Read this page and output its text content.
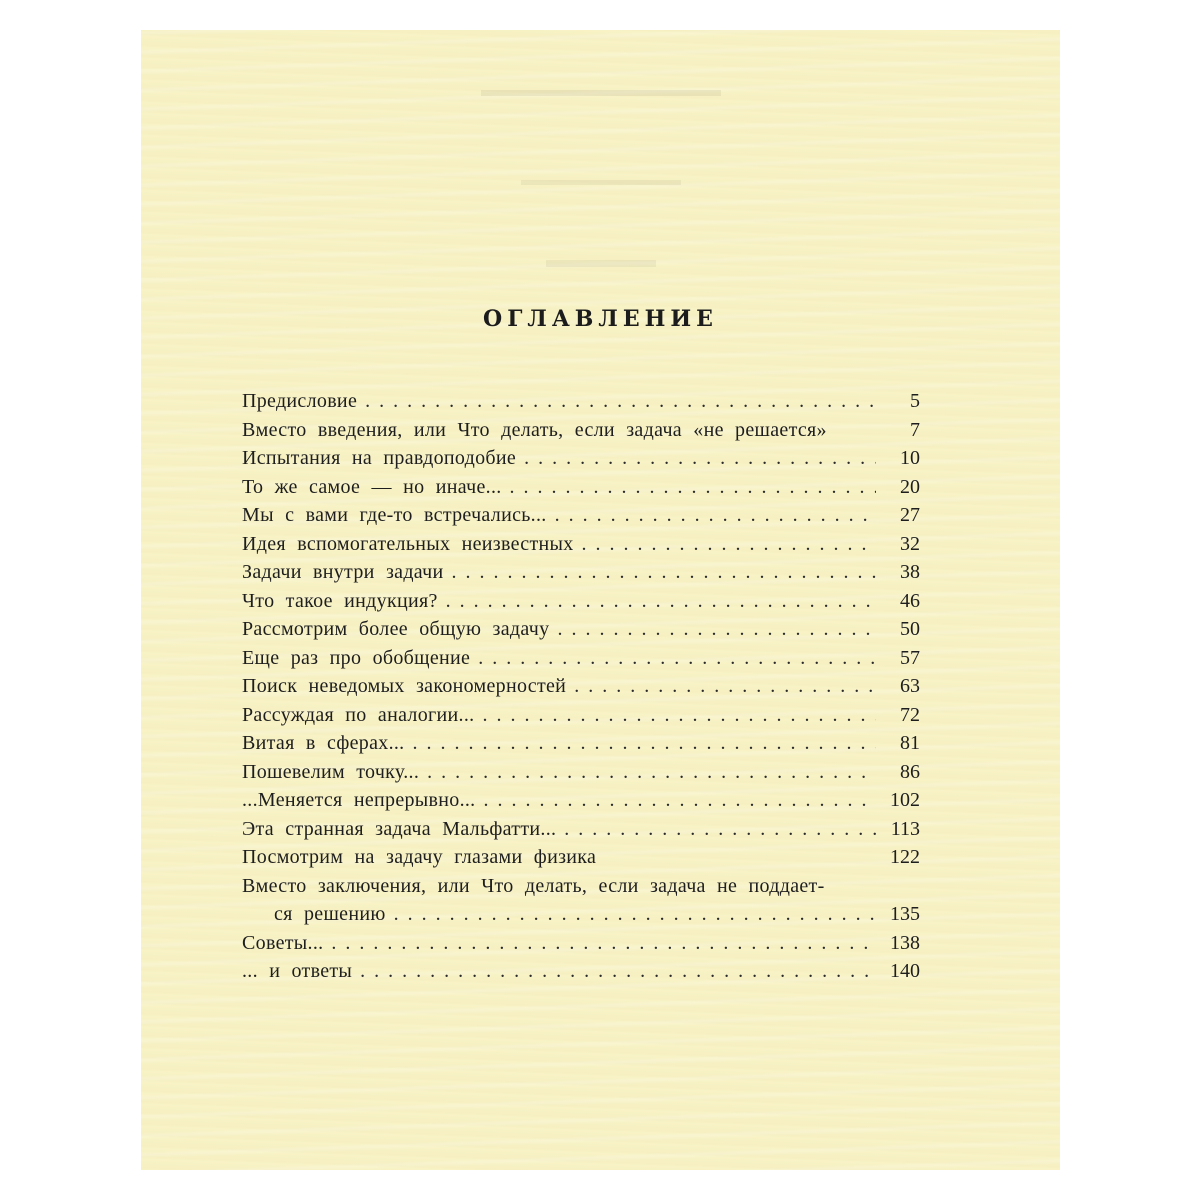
ОГЛАВЛЕНИЕ
Предисловие . . .	5
Вместо введения, или Что делать, если задача «не решается»	7
Испытания на правдоподобие . . .	10
То же самое — но иначе... . . .	20
Мы с вами где-то встречались... . . .	27
Идея вспомогательных неизвестных . . .	32
Задачи внутри задачи . . .	38
Что такое индукция? . . .	46
Рассмотрим более общую задачу . . .	50
Еще раз про обобщение . . .	57
Поиск неведомых закономерностей . . .	63
Рассуждая по аналогии... . . .	72
Витая в сферах... . . .	81
Пошевелим точку... . . .	86
...Меняется непрерывно... . . .	102
Эта странная задача Мальфатти... . . .	113
Посмотрим на задачу глазами физика	122
Вместо заключения, или Что делать, если задача не поддает-
ся решению . . .	135
Советы... . . .	138
... и ответы . . .	140
